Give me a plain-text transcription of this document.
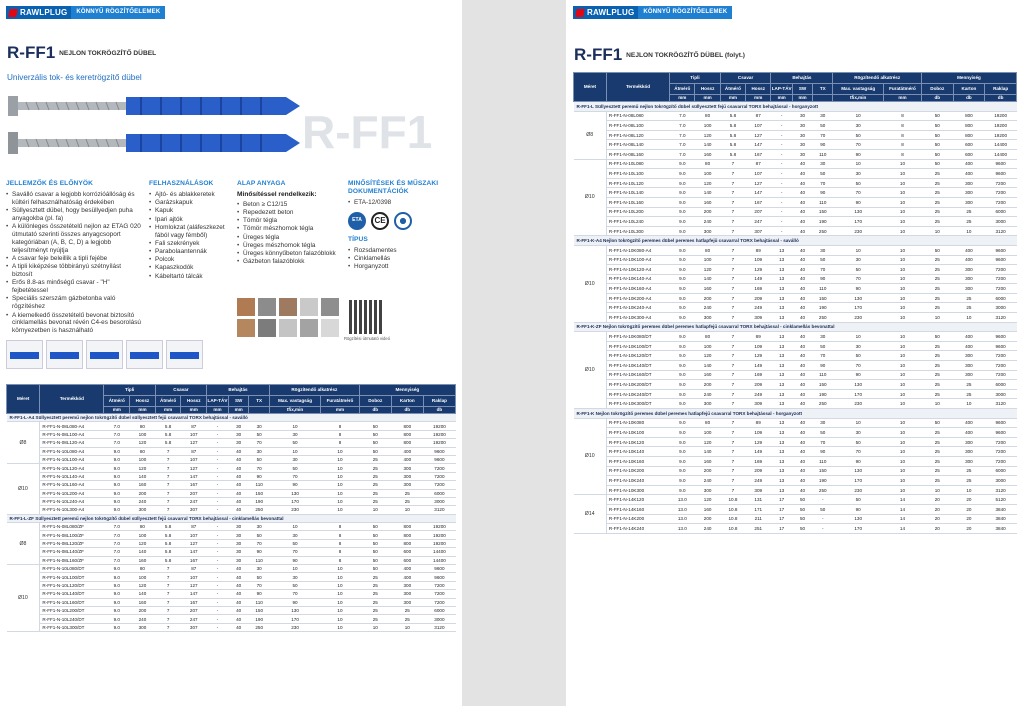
RAWLPLUG	KÖNNYŰ RÖGZÍTŐELEMEK
R-FF1 NEJLON TOKRÖGZÍTŐ DÜBEL
Univerzális tok- és keretrögzítő dübel
R-FF1
JELLEMZŐK ÉS ELŐNYÖK
• Saválló csavar a legjobb korrózióállóság és kültéri felhasználhatóság érdekében
• Süllyesztett dübel, hogy besüllyedjen puha anyagokba (pl. fa)
• A különleges összetételű nejlon az ETAG 020 útmutató szerinti összes anyagcsoport kategóriában (A, B, C, D) a legjobb teljesítményt nyújtja
• A csavar feje beleillik a tipli fejébe
• A tipli kiképzése többirányú szétnyílást biztosít
• Erős 8.8-as minőségű csavar - "H" fejbetétessel
• Speciális szerszám gázbetonba való rögzítéshez
• A kiemelkedő összetételű bevonat biztosító cinklamellás bevonat révén C4-es besorolású környezetben is használható
FELHASZNÁLÁSOK
• Ajtó- és ablakkeretek
• Garázskapuk
• Kapuk
• Ipari ajtók
• Homlokzat (aláfeszkezet fából vagy fémből)
• Fali szekrények
• Parabolaantennák
• Polcok
• Kapaszkodók
• Kábeltartó tálcák
ALAP ANYAGA
Minősítéssel rendelkezik:
• Beton ≥ C12/15
• Repedezett beton
• Tömör tégla
• Tömör mészhomok tégla
• Üreges tégla
• Üreges mészhomok tégla
• Üreges könnyűbeton falazóblokk
• Gázbeton falazóblokk
MINŐSÍTÉSEK ÉS MŰSZAKI DOKUMENTÁCIÓK
• ETA-12/0398
ETA	CE
TÍPUS
• Rozsdamentes
• Cinklamellás
• Horganyzott
Rögzítési útmutató videó
Méret	Termékkód	Tipli		Csavar		Behajtás			Rögzítendő alkatrész		Mennyiség		
		Átmérő	Hossz	Átmérő	Hossz	LAP-TÁV	SW	TX	Max. vastagság	Furatátmérő	Doboz	Karton	Raklap
		mm	mm	mm	mm	mm	mm		tfix,min	mm	db	db	db
R-FF1-L-A4 Süllyesztett peremű nejlon tokrögzítő dübel süllyesztett fejű csavarral TORX behajtással - saválló													
Ø8	R-FF1-N-08L080-A4	7.0	80	5.8	87	-	30	30	10	8	50	800	19200
	R-FF1-N-08L100-A4	7.0	100	5.8	107	-	30	50	30	8	50	800	19200
	R-FF1-N-08L120-A4	7.0	120	5.8	127	-	30	70	50	8	50	800	19200
	R-FF1-N-10L080-A4	9.0	80	7	87	-	40	30	10	10	50	400	9600
	R-FF1-N-10L100-A4	9.0	100	7	107	-	40	50	30	10	25	400	9600
Ø10	R-FF1-N-10L120-A4	9.0	120	7	127	-	40	70	50	10	25	300	7200
	R-FF1-N-10L140-A4	9.0	140	7	147	-	40	90	70	10	25	300	7200
	R-FF1-N-10L160-A4	9.0	160	7	167	-	40	110	90	10	25	300	7200
	R-FF1-N-10L200-A4	9.0	200	7	207	-	40	150	130	10	25	25	6000
	R-FF1-N-10L240-A4	9.0	240	7	247	-	40	190	170	10	25	25	3000
	R-FF1-N-10L300-A4	9.0	300	7	307	-	40	250	230	10	10	10	3120
R-FF1-L-ZF Süllyesztett peremű nejlon tokrögzítő dübel süllyesztett fejű csavarral TORX behajtással - cinklamellás bevonattal													
Ø8	R-FF1-N-08L080/ZF	7.0	80	5.8	87	-	30	30	10	8	50	800	19200
	R-FF1-N-08L100/ZF	7.0	100	5.8	107	-	30	50	30	8	50	800	19200
	R-FF1-N-08L120/ZF	7.0	120	5.8	127	-	30	70	50	8	50	800	19200
	R-FF1-N-08L140/ZF	7.0	140	5.8	147	-	30	90	70	8	50	600	14400
	R-FF1-N-08L160/ZF	7.0	160	5.8	167	-	30	110	90	8	50	600	14400
Ø10	R-FF1-N-10L080/DT	9.0	80	7	87	-	40	30	10	10	50	400	9600
	R-FF1-N-10L100/DT	9.0	100	7	107	-	40	50	30	10	25	400	9600
	R-FF1-N-10L120/DT	9.0	120	7	127	-	40	70	50	10	25	300	7200
	R-FF1-N-10L140/DT	9.0	140	7	147	-	40	90	70	10	25	300	7200
	R-FF1-N-10L160/DT	9.0	160	7	167	-	40	110	90	10	25	300	7200
	R-FF1-N-10L200/DT	9.0	200	7	207	-	40	150	130	10	25	25	6000
	R-FF1-N-10L240/DT	9.0	240	7	247	-	40	190	170	10	25	25	3000
	R-FF1-N-10L300/DT	9.0	300	7	307	-	40	250	230	10	10	10	3120
RAWLPLUG	KÖNNYŰ RÖGZÍTŐELEMEK
R-FF1 NEJLON TOKRÖGZÍTŐ DÜBEL (folyt.)
Méret	Termékkód	Tipli		Csavar		Behajtás			Rögzítendő alkatrész		Mennyiség		
		Átmérő	Hossz	Átmérő	Hossz	LAP-TÁV	SW	TX	Max. vastagság	Furatátmérő	Doboz	Karton	Raklap
		mm	mm	mm	mm	mm	mm		tfix,min	mm	db	db	db
R-FF1-L Süllyesztett peremű nejlon tokrögzítő dübel süllyesztett fejű csavarral TORX behajtással - horganyzott													
Ø8	R-FF1-N-08L080	7.0	80	5.8	87	-	30	30	10	8	50	800	19200
	R-FF1-N-08L100	7.0	100	5.8	107	-	30	50	30	8	50	800	19200
	R-FF1-N-08L120	7.0	120	5.8	127	-	30	70	50	8	50	800	19200
	R-FF1-N-08L140	7.0	140	5.8	147	-	30	90	70	8	50	600	14400
	R-FF1-N-08L160	7.0	160	5.8	167	-	30	110	90	8	50	600	14400
Ø10	R-FF1-N-10L080	9.0	80	7	87	-	40	30	10	10	50	400	9600
	R-FF1-N-10L100	9.0	100	7	107	-	40	50	30	10	25	400	9600
	R-FF1-N-10L120	9.0	120	7	127	-	40	70	50	10	25	300	7200
	R-FF1-N-10L140	9.0	140	7	147	-	40	90	70	10	25	300	7200
	R-FF1-N-10L160	9.0	160	7	167	-	40	110	90	10	25	300	7200
	R-FF1-N-10L200	9.0	200	7	207	-	40	150	130	10	25	25	6000
	R-FF1-N-10L240	9.0	240	7	247	-	40	190	170	10	25	25	3000
	R-FF1-N-10L300	9.0	300	7	307	-	40	250	230	10	10	10	3120
R-FF1-K-A4 Nejlon tokrögzítő peremes dübel peremes hatlapfejű csavarral TORX behajtással - saválló													
Ø10	R-FF1-N-10K080-A4	9.0	80	7	89	13	40	30	10	10	50	400	9600
	R-FF1-N-10K100-A4	9.0	100	7	109	13	40	50	30	10	25	400	9600
	R-FF1-N-10K120-A4	9.0	120	7	129	13	40	70	50	10	25	300	7200
	R-FF1-N-10K140-A4	9.0	140	7	149	13	40	90	70	10	25	300	7200
	R-FF1-N-10K160-A4	9.0	160	7	169	13	40	110	90	10	25	300	7200
	R-FF1-N-10K200-A4	9.0	200	7	209	13	40	150	130	10	25	25	6000
	R-FF1-N-10K240-A4	9.0	240	7	249	13	40	190	170	10	25	25	3000
	R-FF1-N-10K300-A4	9.0	300	7	309	13	40	250	230	10	10	10	3120
R-FF1-K-ZF Nejlon tokrögzítő peremes dübel peremes hatlapfejű csavarral TORX behajtással - cinklamellás bevonattal													
Ø10	R-FF1-N-10K080/DT	9.0	80	7	89	13	40	30	10	10	50	400	9600
	R-FF1-N-10K100/DT	9.0	100	7	109	13	40	50	30	10	25	400	9600
	R-FF1-N-10K120/DT	9.0	120	7	129	13	40	70	50	10	25	300	7200
	R-FF1-N-10K140/DT	9.0	140	7	149	13	40	90	70	10	25	300	7200
	R-FF1-N-10K160/DT	9.0	160	7	169	13	40	110	90	10	25	300	7200
	R-FF1-N-10K200/DT	9.0	200	7	209	13	40	150	130	10	25	25	6000
	R-FF1-N-10K240/DT	9.0	240	7	249	13	40	190	170	10	25	25	3000
	R-FF1-N-10K300/DT	9.0	300	7	309	13	40	250	230	10	10	10	3120
R-FF1-K Nejlon tokrögzítő peremes dübel peremes hatlapfejű csavarral TORX behajtással - horganyzott													
Ø10	R-FF1-N-10K080	9.0	80	7	89	13	40	30	10	10	50	400	9600
	R-FF1-N-10K100	9.0	100	7	109	13	40	50	30	10	25	400	9600
	R-FF1-N-10K120	9.0	120	7	129	13	40	70	50	10	25	300	7200
	R-FF1-N-10K140	9.0	140	7	149	13	40	90	70	10	25	300	7200
	R-FF1-N-10K160	9.0	160	7	169	13	40	110	90	10	25	300	7200
	R-FF1-N-10K200	9.0	200	7	209	13	40	150	130	10	25	25	6000
	R-FF1-N-10K240	9.0	240	7	249	13	40	190	170	10	25	25	3000
	R-FF1-N-10K300	9.0	300	7	309	13	40	250	230	10	10	10	3120
Ø14	R-FF1-N-14K120	13.0	120	10.8	131	17	50	-	50	14	20	20	5120
	R-FF1-N-14K160	13.0	160	10.8	171	17	50	50	90	14	20	20	3840
	R-FF1-N-14K200	13.0	200	10.8	211	17	50	-	130	14	20	20	3840
	R-FF1-N-14K240	13.0	240	10.8	251	17	50	-	170	14	20	20	3840
